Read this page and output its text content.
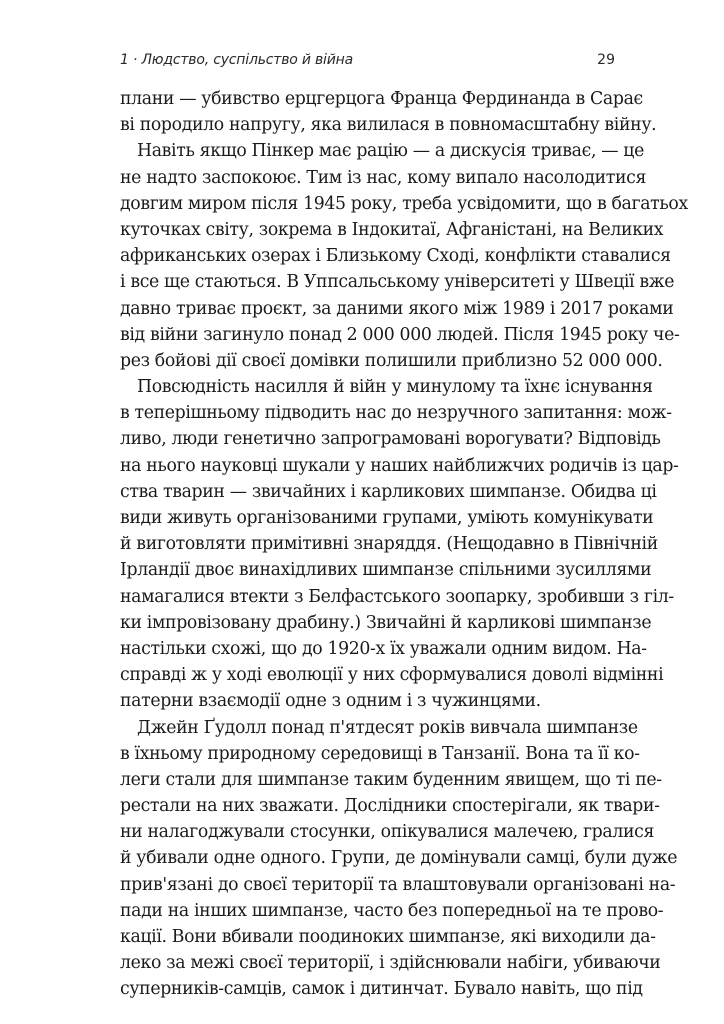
1 · Людство, суспільство й війна	29
плани — убивство ерцгерцога Франца Фердинанда в Сарає
ві породило напругу, яка вилилася в повномасштабну війну.
Навіть якщо Пінкер має рацію — а дискусія триває, — це
не надто заспокоює. Тим із нас, кому випало насолодитися
довгим миром після 1945 року, треба усвідомити, що в багатьох
куточках світу, зокрема в Індокитаї, Афганістані, на Великих
африканських озерах і Близькому Сході, конфлікти ставалися
і все ще стаються. В Уппсальському університеті у Швеції вже
давно триває проєкт, за даними якого між 1989 і 2017 роками
від війни загинуло понад 2 000 000 людей. Після 1945 року че-
рез бойові дії своєї домівки полишили приблизно 52 000 000.
Повсюдність насилля й війн у минулому та їхнє існування
в теперішньому підводить нас до незручного запитання: мож-
ливо, люди генетично запрограмовані ворогувати? Відповідь
на нього науковці шукали у наших найближчих родичів із цар-
ства тварин — звичайних і карликових шимпанзе. Обидва ці
види живуть організованими групами, уміють комунікувати
й виготовляти примітивні знаряддя. (Нещодавно в Північній
Ірландії двоє винахідливих шимпанзе спільними зусиллями
намагалися втекти з Белфастського зоопарку, зробивши з гіл-
ки імпровізовану драбину.) Звичайні й карликові шимпанзе
настільки схожі, що до 1920-х їх уважали одним видом. На-
справді ж у ході еволюції у них сформувалися доволі відмінні
патерни взаємодії одне з одним і з чужинцями.
Джейн Ґудолл понад п'ятдесят років вивчала шимпанзе
в їхньому природному середовищі в Танзанії. Вона та її ко-
леги стали для шимпанзе таким буденним явищем, що ті пе-
рестали на них зважати. Дослідники спостерігали, як твари-
ни налагоджували стосунки, опікувалися малечею, гралися
й убивали одне одного. Групи, де домінували самці, були дуже
прив'язані до своєї території та влаштовували організовані на-
пади на інших шимпанзе, часто без попередньої на те прово-
кації. Вони вбивали поодиноких шимпанзе, які виходили да-
леко за межі своєї території, і здійснювали набіги, убиваючи
суперників-самців, самок і дитинчат. Бувало навіть, що під
